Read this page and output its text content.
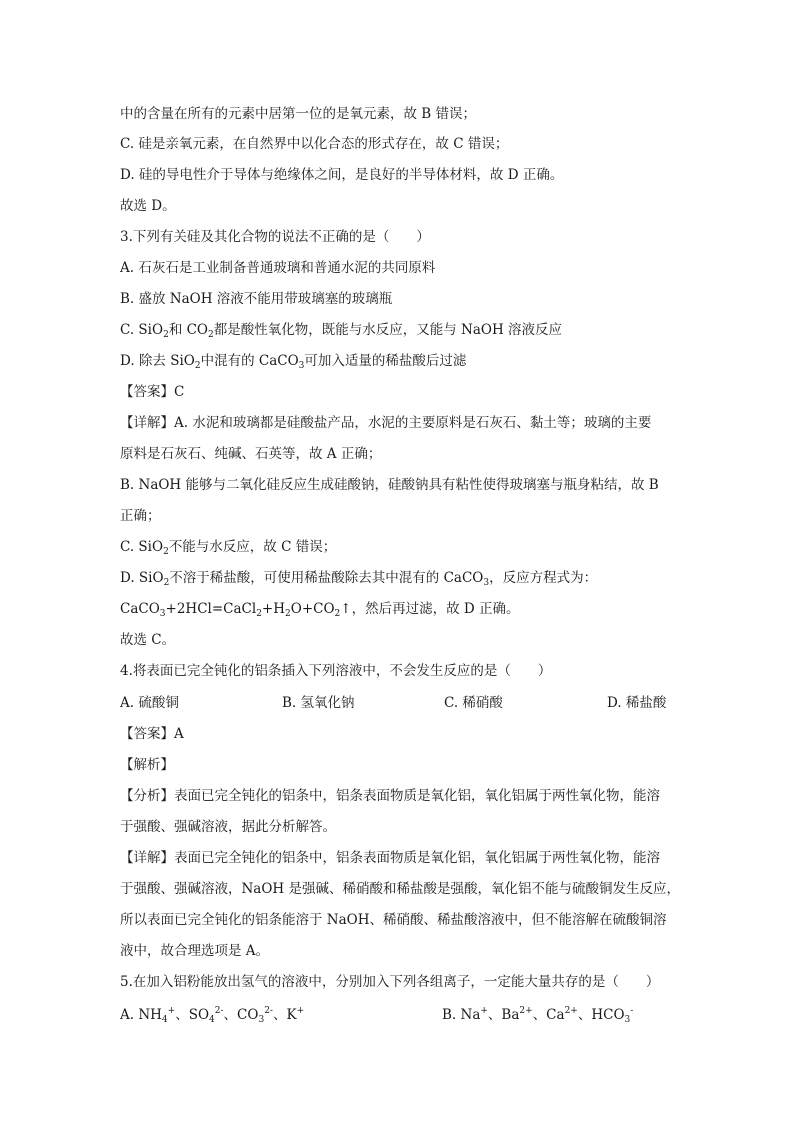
中的含量在所有的元素中居第一位的是氧元素，故 B 错误；
C. 硅是亲氧元素，在自然界中以化合态的形式存在，故 C 错误；
D. 硅的导电性介于导体与绝缘体之间，是良好的半导体材料，故 D 正确。
故选 D。
3.下列有关硅及其化合物的说法不正确的是（　　）
A. 石灰石是工业制备普通玻璃和普通水泥的共同原料
B. 盛放 NaOH 溶液不能用带玻璃塞的玻璃瓶
C. SiO$_2$和 $CO_2$都是酸性氧化物，既能与水反应，又能与 NaOH 溶液反应
D. 除去 SiO$_2$中混有的 CaCO$_3$可加入适量的稀盐酸后过滤
【答案】C
【详解】A. 水泥和玻璃都是硅酸盐产品，水泥的主要原料是石灰石、黏土等；玻璃的主要
原料是石灰石、纯碱、石英等，故 A 正确；
B. NaOH 能够与二氧化硅反应生成硅酸钠，硅酸钠具有粘性使得玻璃塞与瓶身粘结，故 B
正确；
C. SiO$_2$不能与水反应，故 C 错误；
D. SiO$_2$不溶于稀盐酸，可使用稀盐酸除去其中混有的 CaCO$_3$，反应方程式为：
$CaCO_3+2HCl=CaCl_2+H_2O+CO_2↑$，然后再过滤，故 D 正确。
故选 C。
4.将表面已完全钝化的铝条插入下列溶液中，不会发生反应的是（　　）
A. 硫酸铜	B. 氢氧化钠	C. 稀硝酸	D. 稀盐酸
【答案】A
【解析】
【分析】表面已完全钝化的铝条中，铝条表面物质是氧化铝，氧化铝属于两性氧化物，能溶
于强酸、强碱溶液，据此分析解答。
【详解】表面已完全钝化的铝条中，铝条表面物质是氧化铝，氧化铝属于两性氧化物，能溶
于强酸、强碱溶液，NaOH 是强碱、稀硝酸和稀盐酸是强酸，氧化铝不能与硫酸铜发生反应，
所以表面已完全钝化的铝条能溶于 NaOH、稀硝酸、稀盐酸溶液中，但不能溶解在硫酸铜溶
液中，故合理选项是 A。
5.在加入铝粉能放出氢气的溶液中，分别加入下列各组离子，一定能大量共存的是（　　）
A. $NH_4^+$、$SO_4^{2-}$、$CO_3^{2-}$、K+	B. Na+、$Ba^{2+}$、$Ca^{2+}$、$HCO_3^-$
